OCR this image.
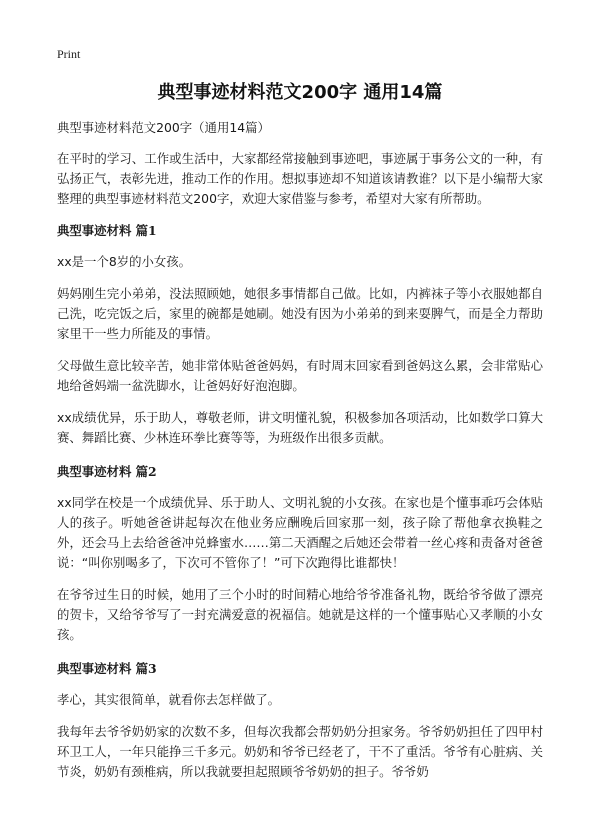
Print
典型事迹材料范文200字 通用14篇

典型事迹材料范文200字（通用14篇）

在平时的学习、工作或生活中，大家都经常接触到事迹吧，事迹属于事务公文的一种，有弘扬正气，表彰先进，推动工作的作用。想拟事迹却不知道该请教谁？以下是小编帮大家整理的典型事迹材料范文200字，欢迎大家借鉴与参考，希望对大家有所帮助。

典型事迹材料 篇1

xx是一个8岁的小女孩。

妈妈刚生完小弟弟，没法照顾她，她很多事情都自己做。比如，内裤袜子等小衣服她都自己洗，吃完饭之后，家里的碗都是她刷。她没有因为小弟弟的到来耍脾气，而是全力帮助家里干一些力所能及的事情。

父母做生意比较辛苦，她非常体贴爸爸妈妈，有时周末回家看到爸妈这么累，会非常贴心地给爸妈端一盆洗脚水，让爸妈好好泡泡脚。

xx成绩优异，乐于助人，尊敬老师，讲文明懂礼貌，积极参加各项活动，比如数学口算大赛、舞蹈比赛、少林连环拳比赛等等，为班级作出很多贡献。

典型事迹材料 篇2

xx同学在校是一个成绩优异、乐于助人、文明礼貌的小女孩。在家也是个懂事乖巧会体贴人的孩子。听她爸爸讲起每次在他业务应酬晚后回家那一刻，孩子除了帮他拿衣换鞋之外，还会马上去给爸爸冲兑蜂蜜水……第二天酒醒之后她还会带着一丝心疼和责备对爸爸说：“叫你别喝多了，下次可不管你了！”可下次跑得比谁都快！

在爷爷过生日的时候，她用了三个小时的时间精心地给爷爷准备礼物，既给爷爷做了漂亮的贺卡，又给爷爷写了一封充满爱意的祝福信。她就是这样的一个懂事贴心又孝顺的小女孩。

典型事迹材料 篇3

孝心，其实很简单，就看你去怎样做了。

我每年去爷爷奶奶家的次数不多，但每次我都会帮奶奶分担家务。爷爷奶奶担任了四甲村环卫工人，一年只能挣三千多元。奶奶和爷爷已经老了，干不了重活。爷爷有心脏病、关节炎，奶奶有颈椎病，所以我就要担起照顾爷爷奶奶的担子。爷爷奶
